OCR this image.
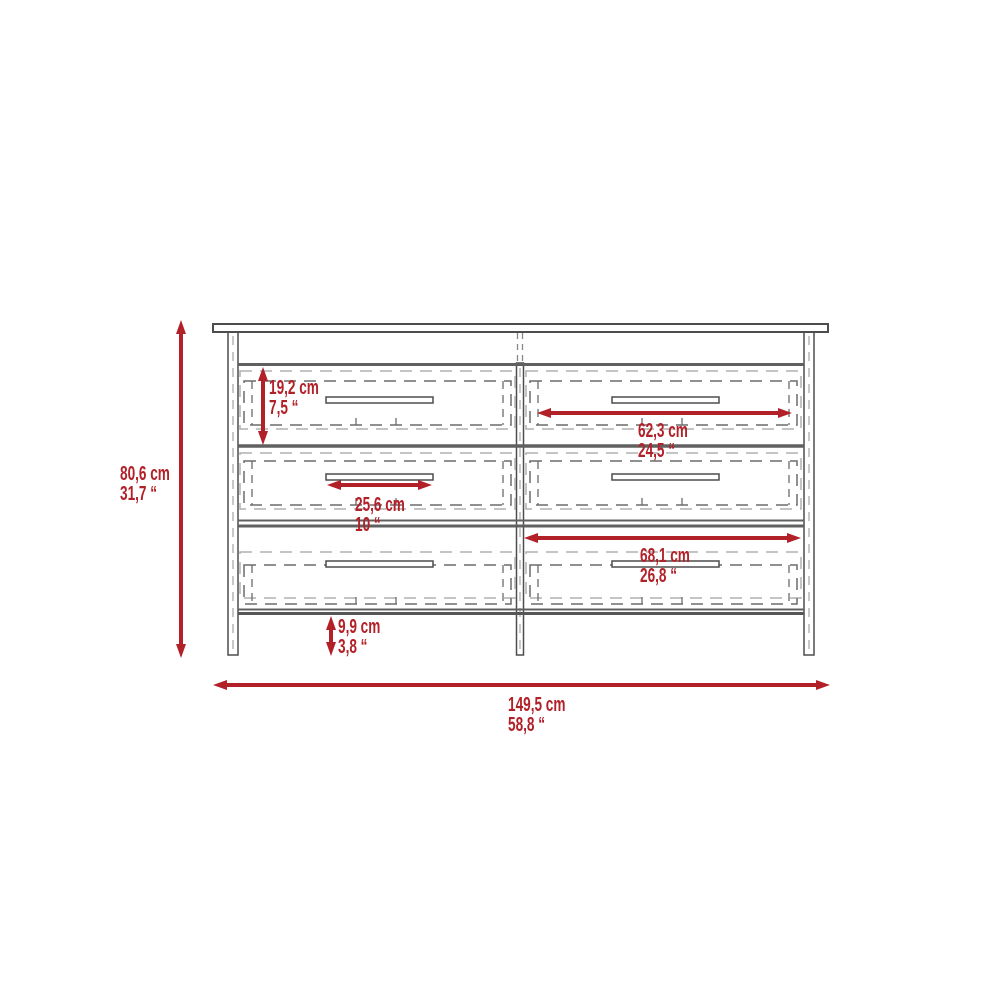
80,6 cm
31,7 “
19,2 cm
7,5 “
62,3 cm
24,5 “
25,6 cm
10 “
68,1 cm
26,8 “
9,9 cm
3,8 “
149,5 cm
58,8 “
